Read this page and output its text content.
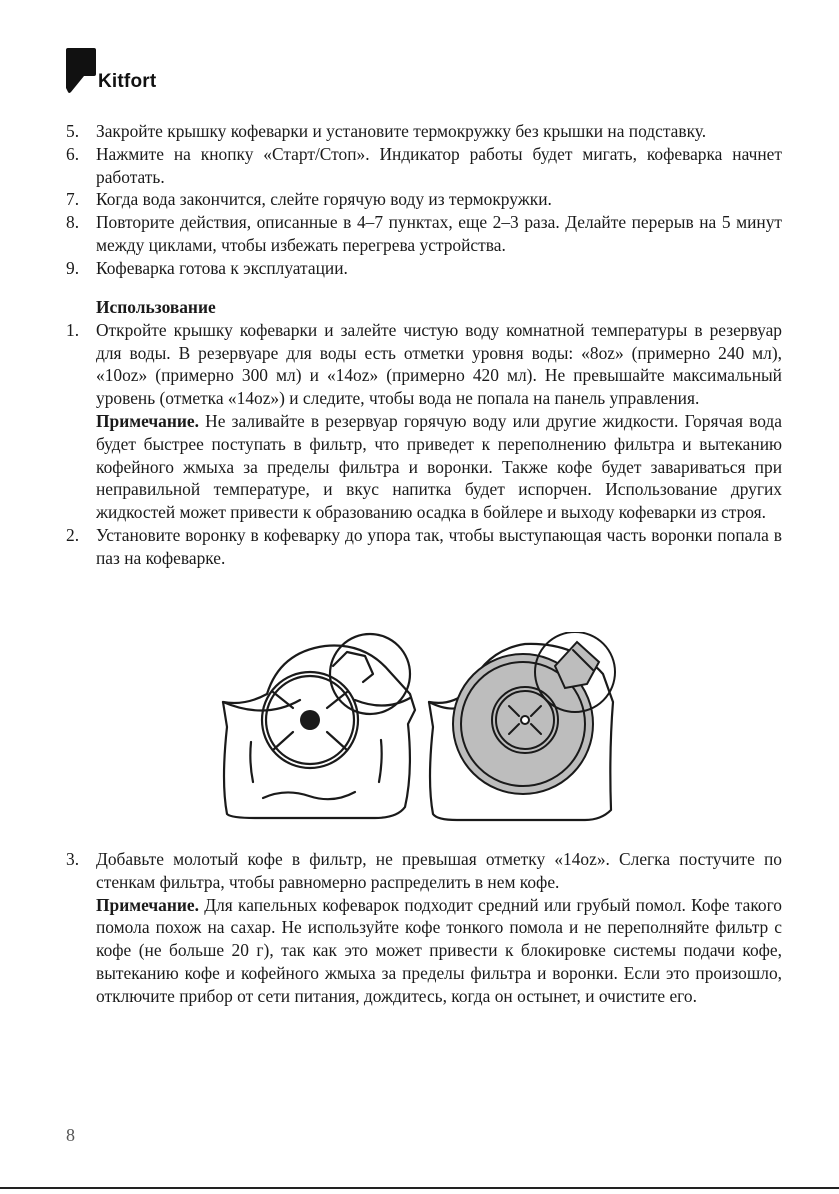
Kitfort
5. Закройте крышку кофеварки и установите термокружку без крышки на подставку.
6. Нажмите на кнопку «Старт/Стоп». Индикатор работы будет мигать, кофеварка начнет работать.
7. Когда вода закончится, слейте горячую воду из термокружки.
8. Повторите действия, описанные в 4–7 пунктах, еще 2–3 раза. Делайте перерыв на 5 минут между циклами, чтобы избежать перегрева устройства.
9. Кофеварка готова к эксплуатации.
Использование
1. Откройте крышку кофеварки и залейте чистую воду комнатной температуры в резервуар для воды. В резервуаре для воды есть отметки уровня воды: «8oz» (примерно 240 мл), «10oz» (примерно 300 мл) и «14oz» (примерно 420 мл). Не превышайте максимальный уровень (отметка «14oz») и следите, чтобы вода не попала на панель управления.
Примечание. Не заливайте в резервуар горячую воду или другие жидкости. Горячая вода будет быстрее поступать в фильтр, что приведет к переполнению фильтра и вытеканию кофейного жмыха за пределы фильтра и воронки. Также кофе будет завариваться при неправильной температуре, и вкус напитка будет испорчен. Использование других жидкостей может привести к образованию осадка в бойлере и выходу кофеварки из строя.
2. Установите воронку в кофеварку до упора так, чтобы выступающая часть воронки попала в паз на кофеварке.
3. Добавьте молотый кофе в фильтр, не превышая отметку «14oz». Слегка постучите по стенкам фильтра, чтобы равномерно распределить в нем кофе.
Примечание. Для капельных кофеварок подходит средний или грубый помол. Кофе такого помола похож на сахар. Не используйте кофе тонкого помола и не переполняйте фильтр с кофе (не больше 20 г), так как это может привести к блокировке системы подачи кофе, вытеканию кофе и кофейного жмыха за пределы фильтра и воронки. Если это произошло, отключите прибор от сети питания, дождитесь, когда он остынет, и очистите его.
8
